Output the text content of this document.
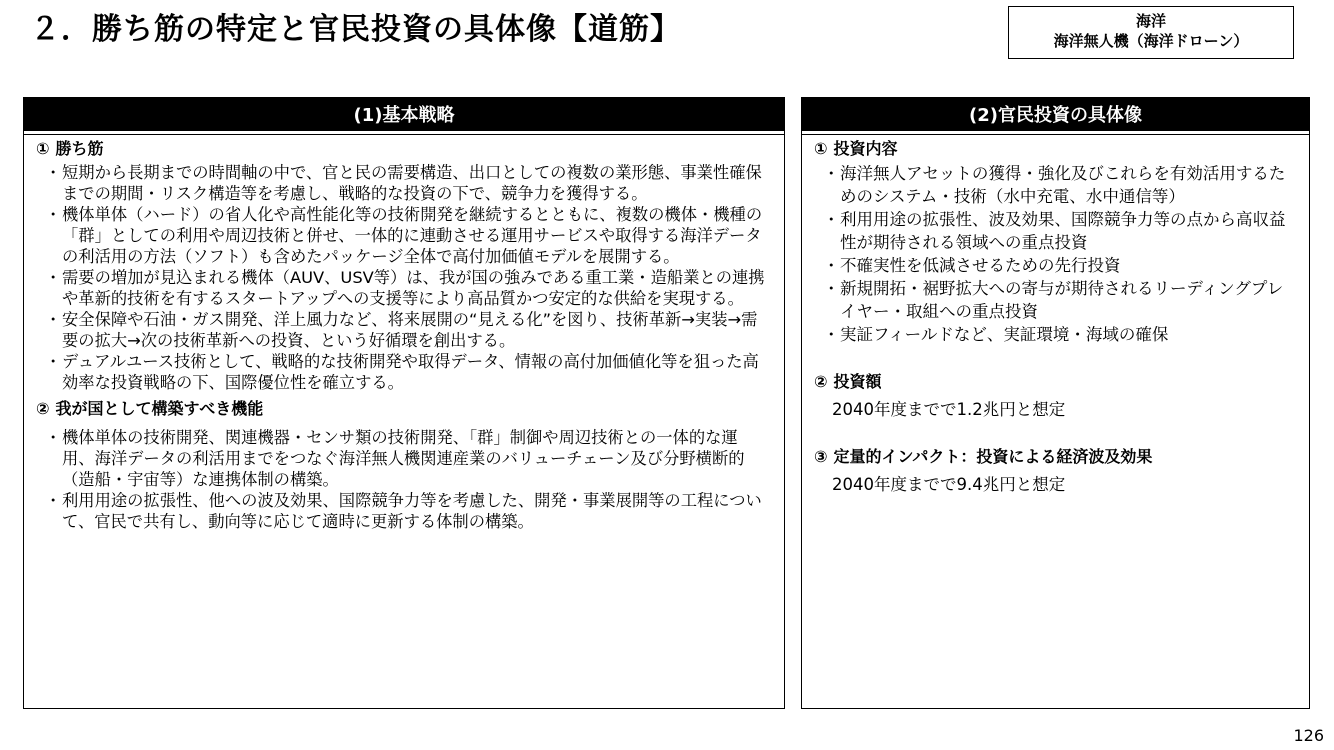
２．勝ち筋の特定と官民投資の具体像【道筋】	海洋
海洋無人機（海洋ドローン）
(1)基本戦略
① 勝ち筋
・ 短期から長期までの時間軸の中で、官と民の需要構造、出口としての複数の業形態、事業性確保までの期間・リスク構造等を考慮し、戦略的な投資の下で、競争力を獲得する。
・ 機体単体（ハード）の省人化や高性能化等の技術開発を継続するとともに、複数の機体・機種の「群」としての利用や周辺技術と併せ、一体的に連動させる運用サービスや取得する海洋データの利活用の方法（ソフト）も含めたパッケージ全体で高付加価値モデルを展開する。
・ 需要の増加が見込まれる機体（AUV、USV等）は、我が国の強みである重工業・造船業との連携や革新的技術を有するスタートアップへの支援等により高品質かつ安定的な供給を実現する。
・ 安全保障や石油・ガス開発、洋上風力など、将来展開の“見える化”を図り、技術革新→実装→需要の拡大→次の技術革新への投資、という好循環を創出する。
・ デュアルユース技術として、戦略的な技術開発や取得データ、情報の高付加価値化等を狙った高効率な投資戦略の下、国際優位性を確立する。
② 我が国として構築すべき機能
・ 機体単体の技術開発、関連機器・センサ類の技術開発、「群」制御や周辺技術との一体的な運用、海洋データの利活用までをつなぐ海洋無人機関連産業のバリューチェーン及び分野横断的（造船・宇宙等）な連携体制の構築。
・ 利用用途の拡張性、他への波及効果、国際競争力等を考慮した、開発・事業展開等の工程について、官民で共有し、動向等に応じて適時に更新する体制の構築。
(2)官民投資の具体像
① 投資内容
・ 海洋無人アセットの獲得・強化及びこれらを有効活用するためのシステム・技術（水中充電、水中通信等）
・ 利用用途の拡張性、波及効果、国際競争力等の点から高収益性が期待される領域への重点投資
・ 不確実性を低減させるための先行投資
・ 新規開拓・裾野拡大への寄与が期待されるリーディングプレイヤー・取組への重点投資
・ 実証フィールドなど、実証環境・海域の確保
② 投資額
2040年度までで1.2兆円と想定
③ 定量的インパクト：投資による経済波及効果
2040年度までで9.4兆円と想定
126
